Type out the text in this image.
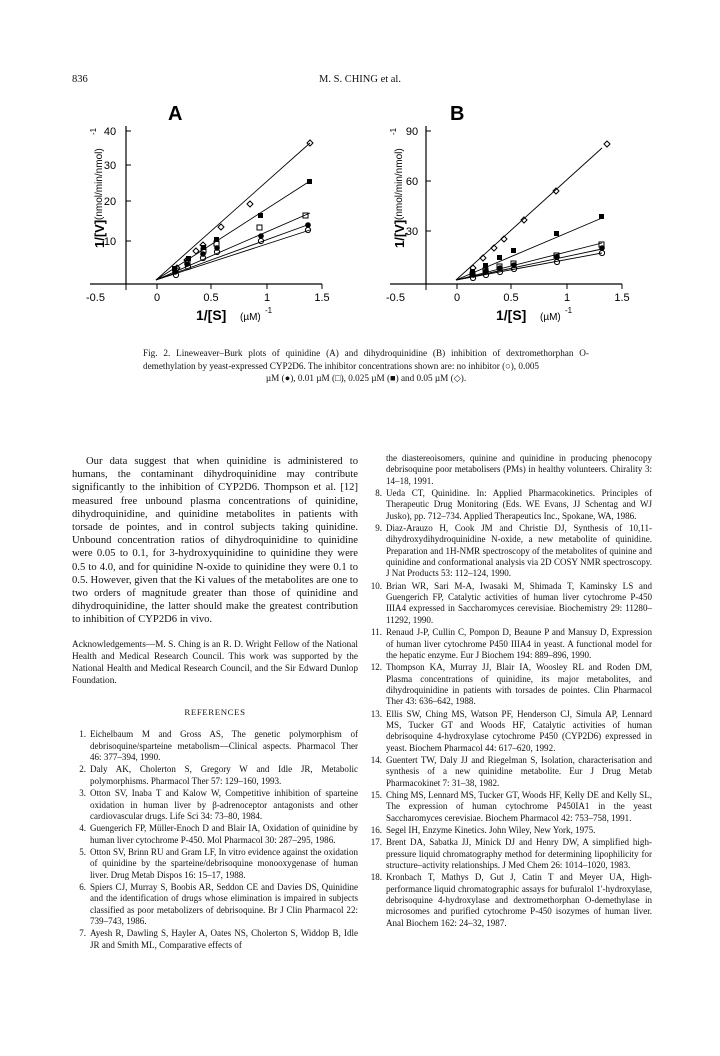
836	M. S. CHING et al.
A
10
20
30
40
1/[V]
(nmol/min/nmol)
-1
-0.5	0	0.5	1	1.5
1/[S] (µM)
-1
B
30
60
90
1/[V]
(nmol/min/nmol)
-1
-0.5	0	0.5	1	1.5
1/[S] (µM)
-1
Fig. 2. Lineweaver–Burk plots of quinidine (A) and dihydroquinidine (B) inhibition of dextromethorphan O-demethylation by yeast-expressed CYP2D6. The inhibitor concentrations shown are: no inhibitor (○), 0.005
µM (●), 0.01 µM (□), 0.025 µM (■) and 0.05 µM (◇).

Our data suggest that when quinidine is administered to humans, the contaminant dihydroquinidine may contribute significantly to the inhibition of CYP2D6. Thompson et al. [12] measured free unbound plasma concentrations of quinidine, dihydroquinidine, and quinidine metabolites in patients with torsade de pointes, and in control subjects taking quinidine. Unbound concentration ratios of dihydroquinidine to quinidine were 0.05 to 0.1, for 3-hydroxyquinidine to quinidine they were 0.5 to 4.0, and for quinidine N-oxide to quinidine they were 0.1 to 0.5. However, given that the Ki values of the metabolites are one to two orders of magnitude greater than those of quinidine and dihydroquinidine, the latter should make the greatest contribution to inhibition of CYP2D6 in vivo.

Acknowledgements—M. S. Ching is an R. D. Wright Fellow of the National Health and Medical Research Council. This work was supported by the National Health and Medical Research Council, and the Sir Edward Dunlop Foundation.
REFERENCES
1. Eichelbaum M and Gross AS, The genetic polymorphism of debrisoquine/sparteine metabolism—Clinical aspects. Pharmacol Ther 46: 377–394, 1990.
2. Daly AK, Cholerton S, Gregory W and Idle JR, Metabolic polymorphisms. Pharmacol Ther 57: 129–160, 1993.
3. Otton SV, Inaba T and Kalow W, Competitive inhibition of sparteine oxidation in human liver by β-adrenoceptor antagonists and other cardiovascular drugs. Life Sci 34: 73–80, 1984.
4. Guengerich FP, Müller-Enoch D and Blair IA, Oxidation of quinidine by human liver cytochrome P-450. Mol Pharmacol 30: 287–295, 1986.
5. Otton SV, Brinn RU and Gram LF, In vitro evidence against the oxidation of quinidine by the sparteine/debrisoquine monooxygenase of human liver. Drug Metab Dispos 16: 15–17, 1988.
6. Spiers CJ, Murray S, Boobis AR, Seddon CE and Davies DS, Quinidine and the identification of drugs whose elimination is impaired in subjects classified as poor metabolizers of debrisoquine. Br J Clin Pharmacol 22: 739–743, 1986.
7. Ayesh R, Dawling S, Hayler A, Oates NS, Cholerton S, Widdop B, Idle JR and Smith ML, Comparative effects of
the diastereoisomers, quinine and quinidine in producing phenocopy debrisoquine poor metabolisers (PMs) in healthy volunteers. Chirality 3: 14–18, 1991.
8. Ueda CT, Quinidine. In: Applied Pharmacokinetics. Principles of Therapeutic Drug Monitoring (Eds. WE Evans, JJ Schentag and WJ Jusko), pp. 712–734. Applied Therapeutics Inc., Spokane, WA, 1986.
9. Diaz-Arauzo H, Cook JM and Christie DJ, Synthesis of 10,11-dihydroxydihydroquinidine N-oxide, a new metabolite of quinidine. Preparation and 1H-NMR spectroscopy of the metabolites of quinine and quinidine and conformational analysis via 2D COSY NMR spectroscopy. J Nat Products 53: 112–124, 1990.
10. Brian WR, Sari M-A, Iwasaki M, Shimada T, Kaminsky LS and Guengerich FP, Catalytic activities of human liver cytochrome P-450 IIIA4 expressed in Saccharomyces cerevisiae. Biochemistry 29: 11280–11292, 1990.
11. Renaud J-P, Cullin C, Pompon D, Beaune P and Mansuy D, Expression of human liver cytochrome P450 IIIA4 in yeast. A functional model for the hepatic enzyme. Eur J Biochem 194: 889–896, 1990.
12. Thompson KA, Murray JJ, Blair IA, Woosley RL and Roden DM, Plasma concentrations of quinidine, its major metabolites, and dihydroquinidine in patients with torsades de pointes. Clin Pharmacol Ther 43: 636–642, 1988.
13. Ellis SW, Ching MS, Watson PF, Henderson CJ, Simula AP, Lennard MS, Tucker GT and Woods HF, Catalytic activities of human debrisoquine 4-hydroxylase cytochrome P450 (CYP2D6) expressed in yeast. Biochem Pharmacol 44: 617–620, 1992.
14. Guentert TW, Daly JJ and Riegelman S, Isolation, characterisation and synthesis of a new quinidine metabolite. Eur J Drug Metab Pharmacokinet 7: 31–38, 1982.
15. Ching MS, Lennard MS, Tucker GT, Woods HF, Kelly DE and Kelly SL, The expression of human cytochrome P450IA1 in the yeast Saccharomyces cerevisiae. Biochem Pharmacol 42: 753–758, 1991.
16. Segel IH, Enzyme Kinetics. John Wiley, New York, 1975.
17. Brent DA, Sabatka JJ, Minick DJ and Henry DW, A simplified high-pressure liquid chromatography method for determining lipophilicity for structure–activity relationships. J Med Chem 26: 1014–1020, 1983.
18. Kronbach T, Mathys D, Gut J, Catin T and Meyer UA, High-performance liquid chromatographic assays for bufuralol 1'-hydroxylase, debrisoquine 4-hydroxylase and dextromethorphan O-demethylase in microsomes and purified cytochrome P-450 isozymes of human liver. Anal Biochem 162: 24–32, 1987.
